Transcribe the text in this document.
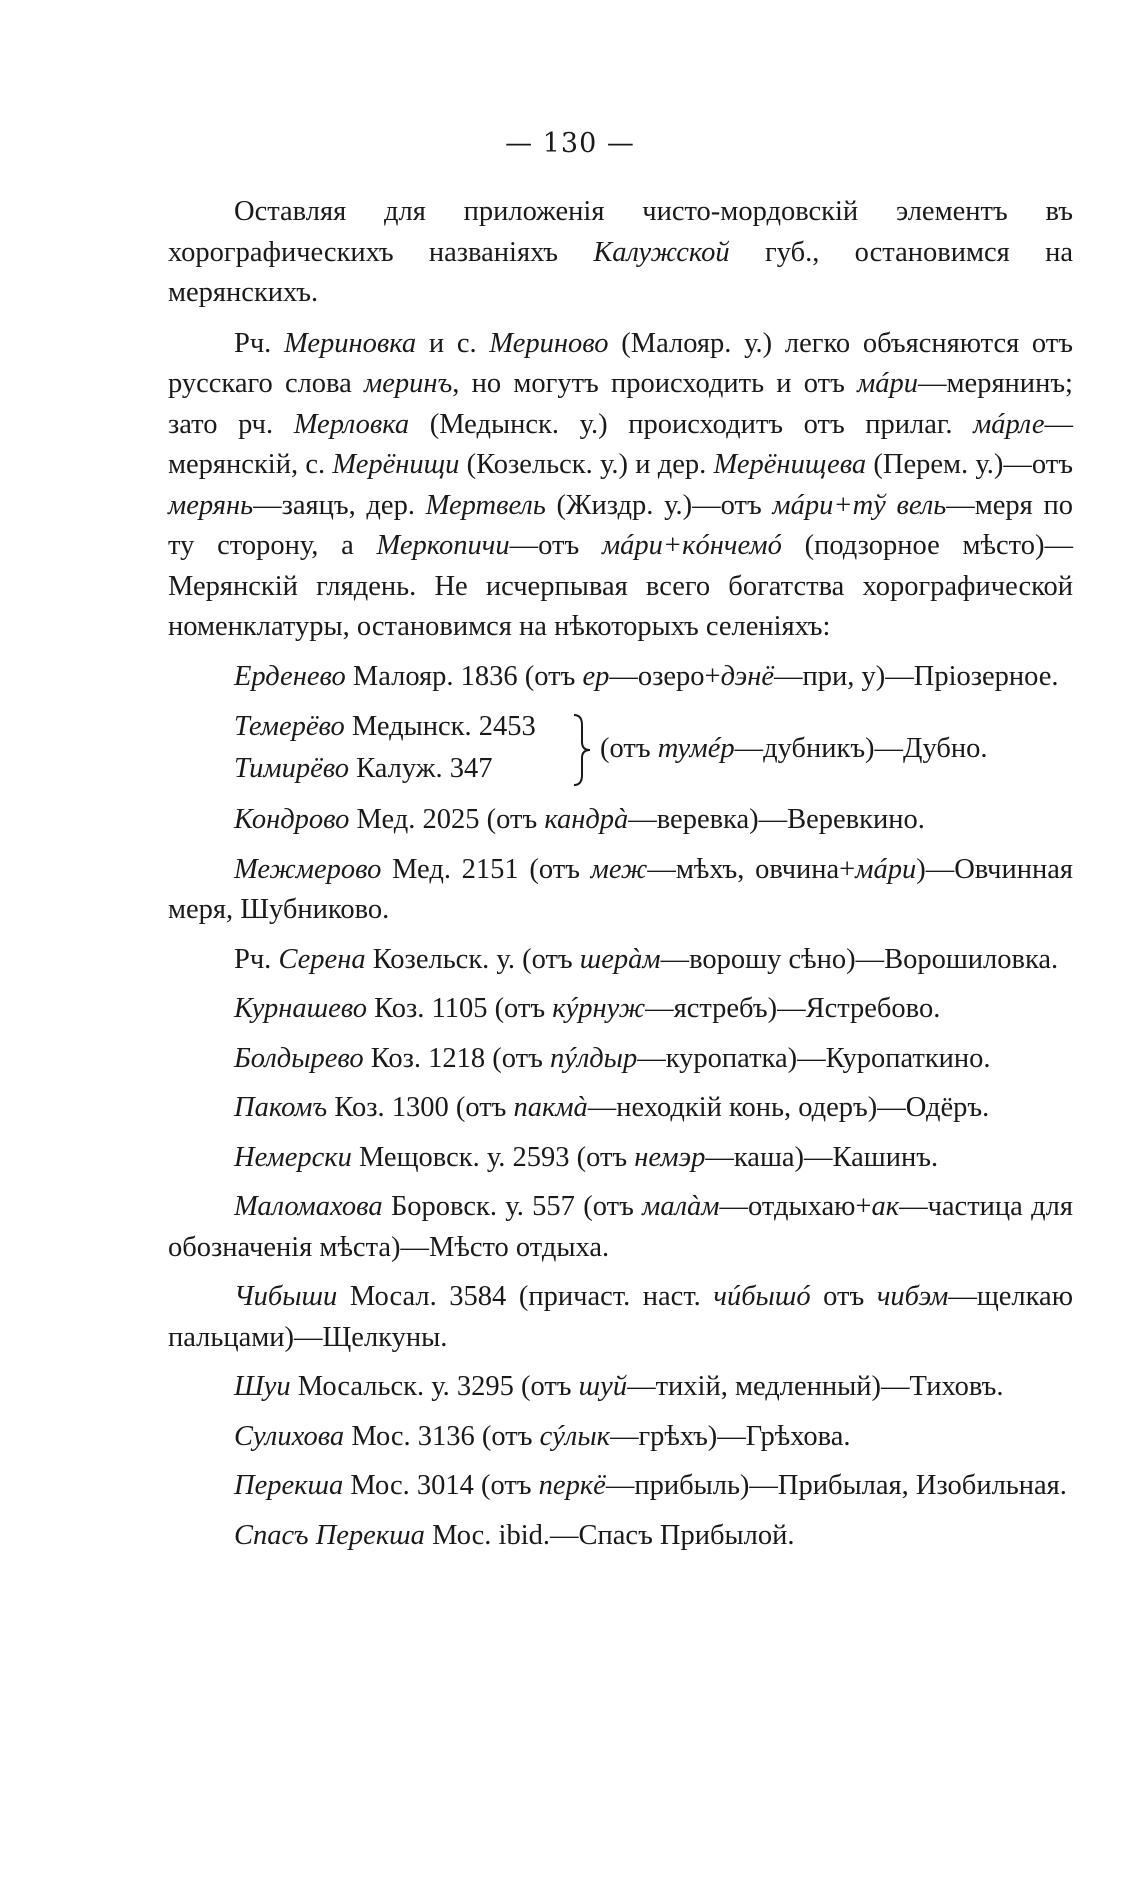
— 130 —

Оставляя для приложенія чисто-мордовскій элементъ въ хорографическихъ названіяхъ Калужской губ., остановимся на мерянскихъ.

Рч. Мериновка и с. Мериново (Малояр. у.) легко объясняются отъ русскаго слова меринъ, но могутъ происходить и отъ мáри—мерянинъ; зато рч. Мерловка (Медынск. у.) происходитъ отъ прилаг. мáрле—мерянскій, с. Мерёнищи (Козельск. у.) и дер. Мерёнищева (Перем. у.)—отъ мерянь—заяцъ, дер. Мертвель (Жиздр. у.)—отъ мáри+тў вель—меря по ту сторону, а Меркопичи—отъ мáри+кóнчемó (подзорное мѣсто)—Мерянскій глядень. Не исчерпывая всего богатства хорографической номенклатуры, остановимся на нѣкоторыхъ селеніяхъ:

Ерденево Малояр. 1836 (отъ ер—озеро+дэнё—при, у)—Пріозерное.

Темерёво Медынск. 2453
Тимирёво Калуж. 347
(отъ тумéр—дубникъ)—Дубно.

Кондрово Мед. 2025 (отъ кандрà—веревка)—Веревкино.

Межмерово Мед. 2151 (отъ меж—мѣхъ, овчина+мáри)—Овчинная меря, Шубниково.

Рч. Серена Козельск. у. (отъ шерàм—ворошу сѣно)—Ворошиловка.

Курнашево Коз. 1105 (отъ кýрнуж—ястребъ)—Ястребово.

Болдырево Коз. 1218 (отъ пýлдыр—куропатка)—Куропаткино.

Пакомъ Коз. 1300 (отъ пакмà—неходкій конь, одеръ)—Одёръ.

Немерски Мещовск. у. 2593 (отъ немэр—каша)—Кашинъ.

Маломахова Боровск. у. 557 (отъ малàм—отдыхаю+ак—частица для обозначенія мѣста)—Мѣсто отдыха.

Чибыши Мосал. 3584 (причаст. наст. чúбышó отъ чибэм—щелкаю пальцами)—Щелкуны.

Шуи Мосальск. у. 3295 (отъ шуй—тихій, медленный)—Тиховъ.

Сулихова Мос. 3136 (отъ сýлык—грѣхъ)—Грѣхова.

Перекша Мос. 3014 (отъ перкё—прибыль)—Прибылая, Изобильная.

Спасъ Перекша Мос. ibid.—Спасъ Прибылой.
